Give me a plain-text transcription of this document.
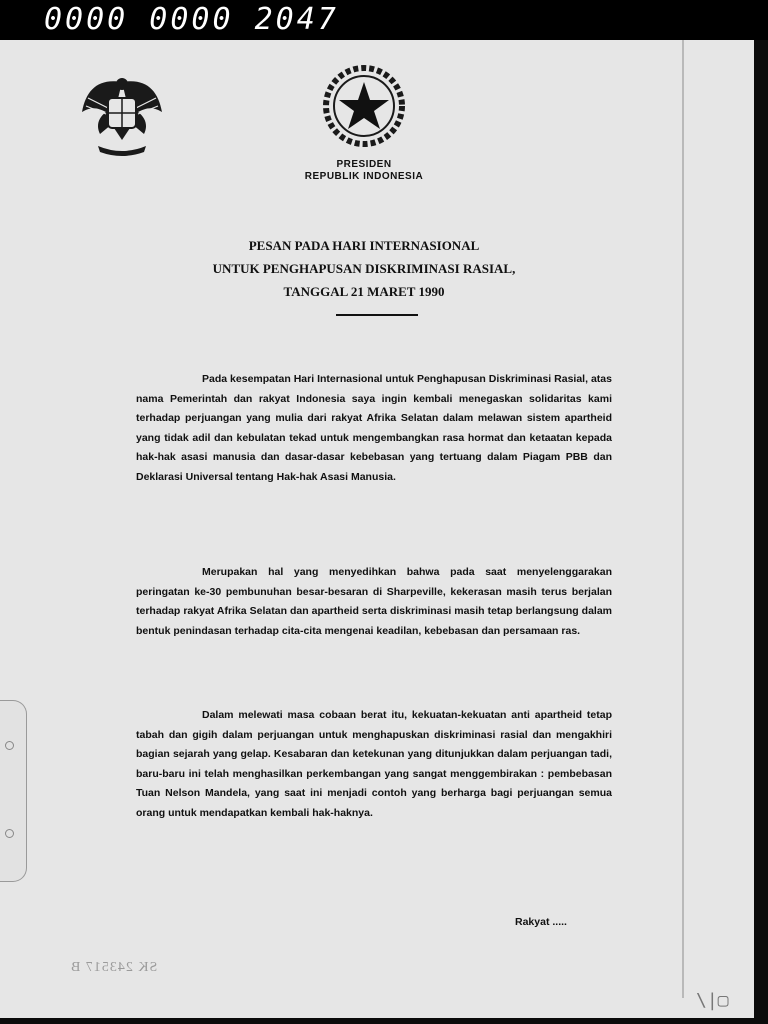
0000 0000 2047
PRESIDEN
REPUBLIK INDONESIA
PESAN PADA HARI INTERNASIONAL
UNTUK PENGHAPUSAN DISKRIMINASI RASIAL,
TANGGAL 21 MARET 1990

Pada kesempatan Hari Internasional untuk Penghapusan Diskriminasi Rasial, atas nama Pemerintah dan rakyat Indonesia saya ingin kembali menegaskan solidaritas kami terhadap perjuangan yang mulia dari rakyat Afrika Selatan dalam melawan sistem apartheid yang tidak adil dan kebulatan tekad untuk mengembangkan rasa hormat dan ketaatan kepada hak-hak asasi manusia dan dasar-dasar kebebasan yang tertuang dalam Piagam PBB dan Deklarasi Universal tentang Hak-hak Asasi Manusia.

Merupakan hal yang menyedihkan bahwa pada saat menyelenggarakan peringatan ke-30 pembunuhan besar-besaran di Sharpeville, kekerasan masih terus berjalan terhadap rakyat Afrika Selatan dan apartheid serta diskriminasi masih tetap berlangsung dalam bentuk penindasan terhadap cita-cita mengenai keadilan, kebebasan dan persamaan ras.

Dalam melewati masa cobaan berat itu, kekuatan-kekuatan anti apartheid tetap tabah dan gigih dalam perjuangan untuk menghapuskan diskriminasi rasial dan mengakhiri bagian sejarah yang gelap. Kesabaran dan ketekunan yang ditunjukkan dalam perjuangan tadi, baru-baru ini telah menghasilkan perkembangan yang sangat menggembirakan : pembebasan Tuan Nelson Mandela, yang saat ini menjadi contoh yang berharga bagi perjuangan semua orang untuk mendapatkan kembali hak-haknya.

Rakyat .....
SK 243517 B
\|▢
